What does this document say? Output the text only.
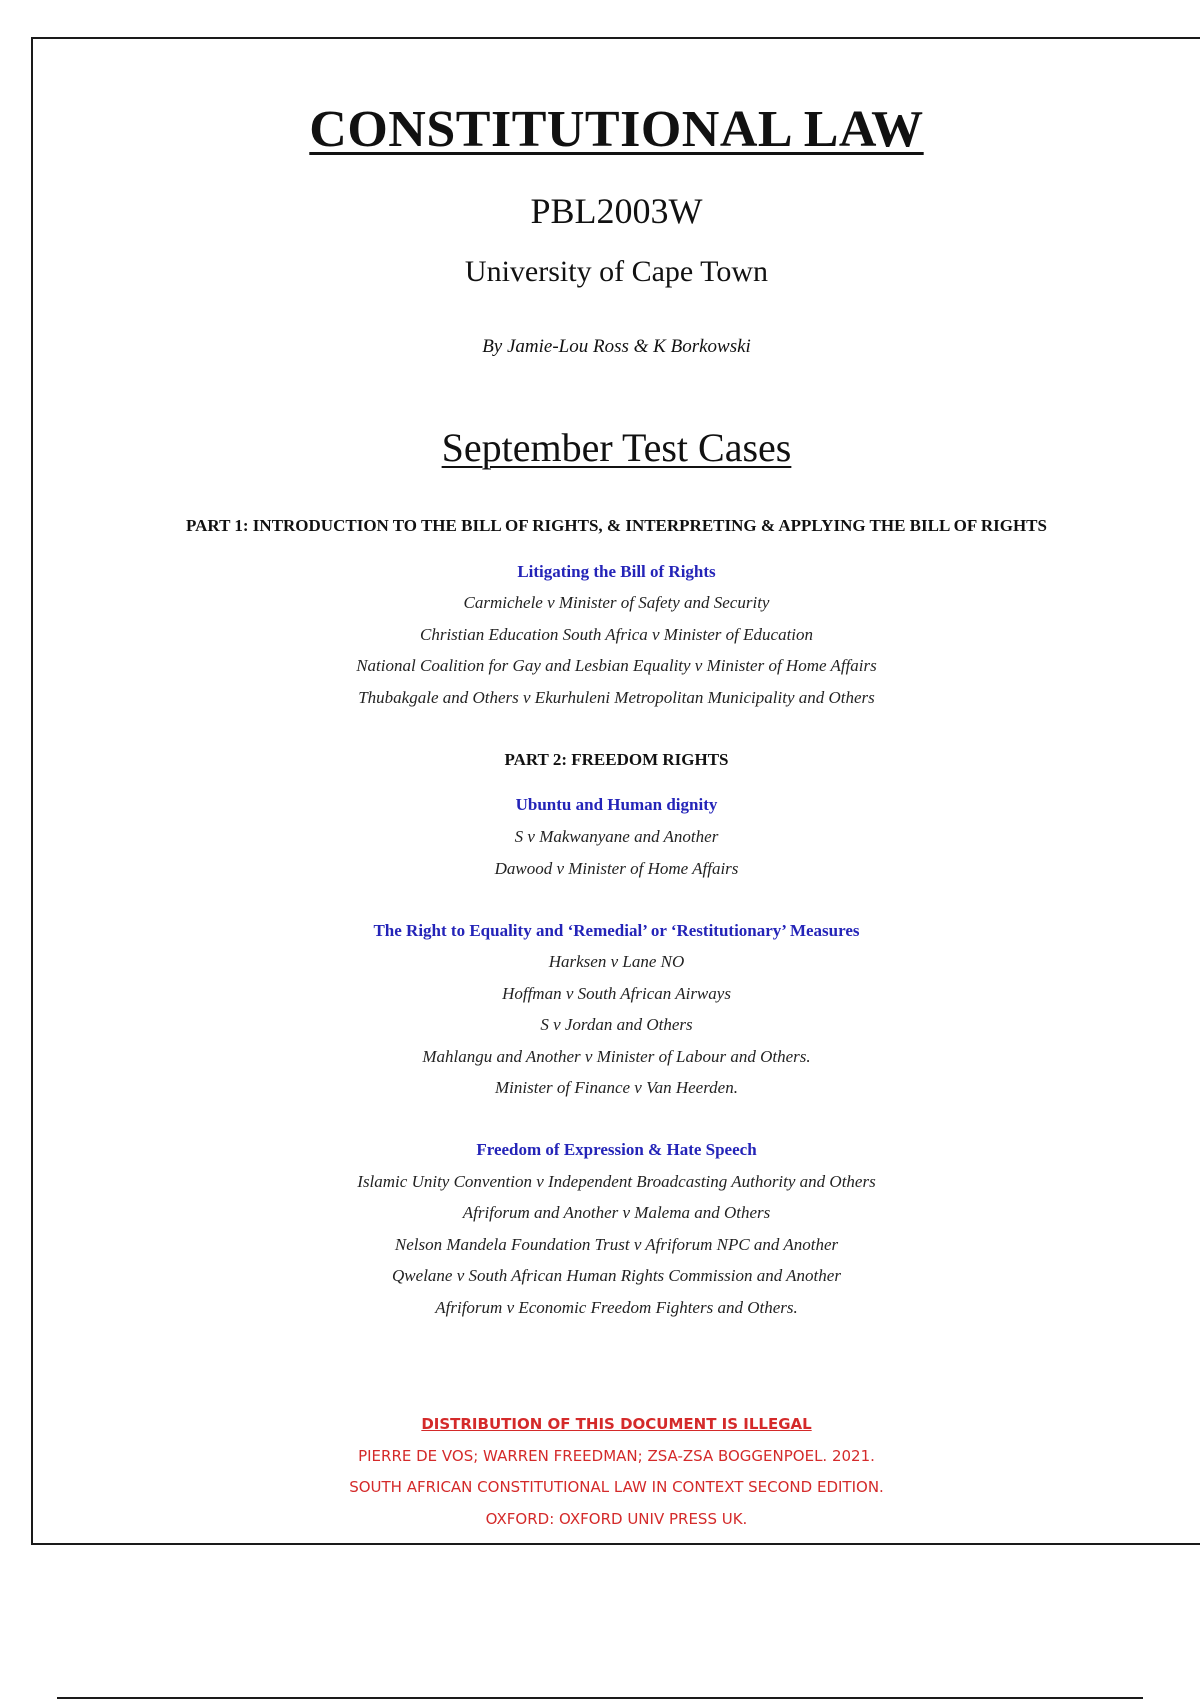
CONSTITUTIONAL LAW
PBL2003W
University of Cape Town
By Jamie-Lou Ross & K Borkowski
September Test Cases
PART 1: INTRODUCTION TO THE BILL OF RIGHTS, & INTERPRETING & APPLYING THE BILL OF RIGHTS
Litigating the Bill of Rights
Carmichele v Minister of Safety and Security
Christian Education South Africa v Minister of Education
National Coalition for Gay and Lesbian Equality v Minister of Home Affairs
Thubakgale and Others v Ekurhuleni Metropolitan Municipality and Others
PART 2: FREEDOM RIGHTS
Ubuntu and Human dignity
S v Makwanyane and Another
Dawood v Minister of Home Affairs
The Right to Equality and ‘Remedial’ or ‘Restitutionary’ Measures
Harksen v Lane NO
Hoffman v South African Airways
S v Jordan and Others
Mahlangu and Another v Minister of Labour and Others.
Minister of Finance v Van Heerden.
Freedom of Expression & Hate Speech
Islamic Unity Convention v Independent Broadcasting Authority and Others
Afriforum and Another v Malema and Others
Nelson Mandela Foundation Trust v Afriforum NPC and Another
Qwelane v South African Human Rights Commission and Another
Afriforum v Economic Freedom Fighters and Others.
DISTRIBUTION OF THIS DOCUMENT IS ILLEGAL
PIERRE DE VOS; WARREN FREEDMAN; ZSA-ZSA BOGGENPOEL. 2021.
SOUTH AFRICAN CONSTITUTIONAL LAW IN CONTEXT SECOND EDITION.
OXFORD: OXFORD UNIV PRESS UK.
